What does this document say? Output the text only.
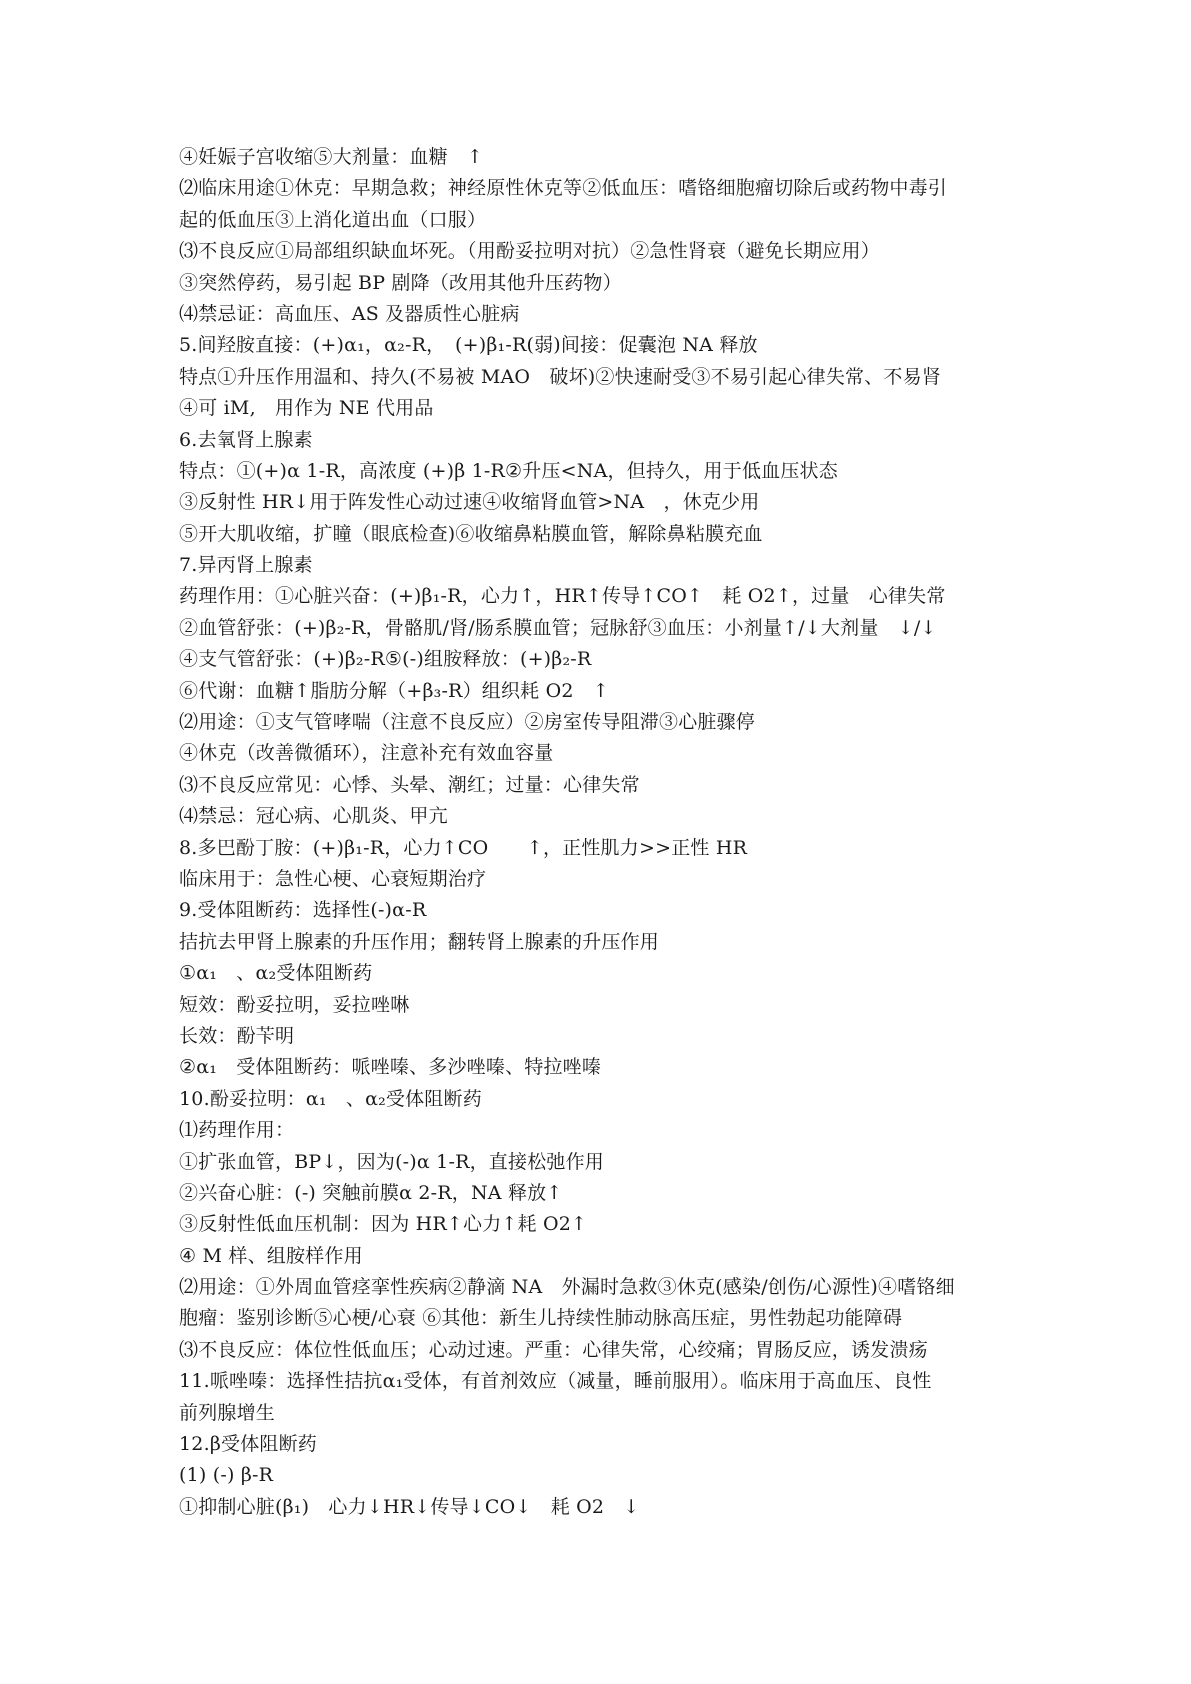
④妊娠子宫收缩⑤大剂量：血糖　↑
⑵临床用途①休克：早期急救；神经原性休克等②低血压：嗜铬细胞瘤切除后或药物中毒引
起的低血压③上消化道出血（口服）
⑶不良反应①局部组织缺血坏死。（用酚妥拉明对抗）②急性肾衰（避免长期应用）
③突然停药，易引起 BP 剧降（改用其他升压药物）
⑷禁忌证：高血压、AS 及器质性心脏病
5.间羟胺直接：(+)α₁，α₂-R，　(+)β₁-R(弱)间接：促囊泡 NA 释放
特点①升压作用温和、持久(不易被 MAO　破坏)②快速耐受③不易引起心律失常、不易肾
④可 iM,　用作为 NE 代用品
6.去氧肾上腺素
特点：①(+)α 1-R，高浓度 (+)β 1-R②升压<NA，但持久，用于低血压状态
③反射性 HR↓用于阵发性心动过速④收缩肾血管>NA　，休克少用
⑤开大肌收缩，扩瞳（眼底检查)⑥收缩鼻粘膜血管，解除鼻粘膜充血
7.异丙肾上腺素
药理作用：①心脏兴奋：(+)β₁-R，心力↑，HR↑传导↑CO↑　耗 O2↑，过量　心律失常
②血管舒张：(+)β₂-R，骨骼肌/肾/肠系膜血管；冠脉舒③血压：小剂量↑/↓大剂量　↓/↓
④支气管舒张：(+)β₂-R⑤(-)组胺释放：(+)β₂-R
⑥代谢：血糖↑脂肪分解（+β₃-R）组织耗 O2　↑
⑵用途：①支气管哮喘（注意不良反应）②房室传导阻滞③心脏骤停
④休克（改善微循环），注意补充有效血容量
⑶不良反应常见：心悸、头晕、潮红；过量：心律失常
⑷禁忌：冠心病、心肌炎、甲亢
8.多巴酚丁胺：(+)β₁-R，心力↑CO　　↑，正性肌力>>正性 HR
临床用于：急性心梗、心衰短期治疗
9.受体阻断药：选择性(-)α-R
拮抗去甲肾上腺素的升压作用；翻转肾上腺素的升压作用
①α₁　、α₂受体阻断药
短效：酚妥拉明，妥拉唑啉
长效：酚苄明
②α₁　受体阻断药：哌唑嗪、多沙唑嗪、特拉唑嗪
10.酚妥拉明：α₁　、α₂受体阻断药
⑴药理作用：
①扩张血管，BP↓，因为(-)α 1-R，直接松弛作用
②兴奋心脏：(-) 突触前膜α 2-R，NA 释放↑
③反射性低血压机制：因为 HR↑心力↑耗 O2↑
④ M 样、组胺样作用
⑵用途：①外周血管痉挛性疾病②静滴 NA　外漏时急救③休克(感染/创伤/心源性)④嗜铬细
胞瘤：鉴别诊断⑤心梗/心衰 ⑥其他：新生儿持续性肺动脉高压症，男性勃起功能障碍
⑶不良反应：体位性低血压；心动过速。严重：心律失常，心绞痛；胃肠反应，诱发溃疡
11.哌唑嗪：选择性拮抗α₁受体，有首剂效应（减量，睡前服用）。临床用于高血压、良性
前列腺增生
12.β受体阻断药
(1) (-) β-R
①抑制心脏(β₁)　心力↓HR↓传导↓CO↓　耗 O2　↓
